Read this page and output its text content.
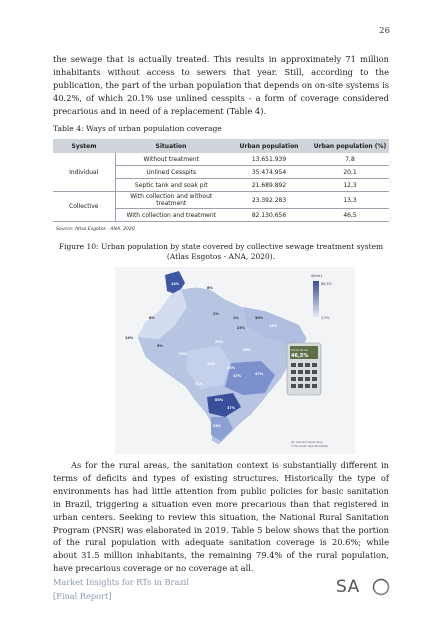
26

the sewage that is actually treated. This results in approximately 71 million inhabitants without access to sewers that year. Still, according to the publication, the part of the urban population that depends on on-site systems is 40.2%, of which 20.1% use unlined cesspits - a form of coverage considered precarious and in need of a replacement (Table 4).

Table 4: Ways of urban population coverage
System	Situation	Urban population	Urban population (%)
Individual	Without treatment	13.651.939	7,8
	Unlined Cesspits	35.474.954	20,1
	Septic tank and soak pit	21.689.892	12,3
Collective	With collection and without treatment	23.392.283	13,3
	With collection and treatment	82.130.656	46,5
Source: Atlas Esgotos - ANA, 2020

Figure 10: Urban population by state covered by collective sewage treatment system (Atlas Esgotos - ANA, 2020).

14%
8%
8%
2%
14%
5%
1%	30%
23%	14%
29%
46%
39%
20%
25%
47%	47%
51%
85%
37%
28%
Série1
86,3%
2,5%
Média Brasil
46,5%
Por Geoinformação Bing
© Microsoft, OpenStreetMap

As for the rural areas, the sanitation context is substantially different in terms of deficits and types of existing structures. Historically the type of environments has had little attention from public policies for basic sanitation in Brazil, triggering a situation even more precarious than that registered in urban centers. Seeking to review this situation, the National Rural Sanitation Program (PNSR) was elaborated in 2019. Table 5 below shows that the portion of the rural population with adequate sanitation coverage is 20.6%; while about 31.5 million inhabitants, the remaining 79.4% of the rural population, have precarious coverage or no coverage at all.

Market Insights for RTs in Brazil
[Final Report]	SA
